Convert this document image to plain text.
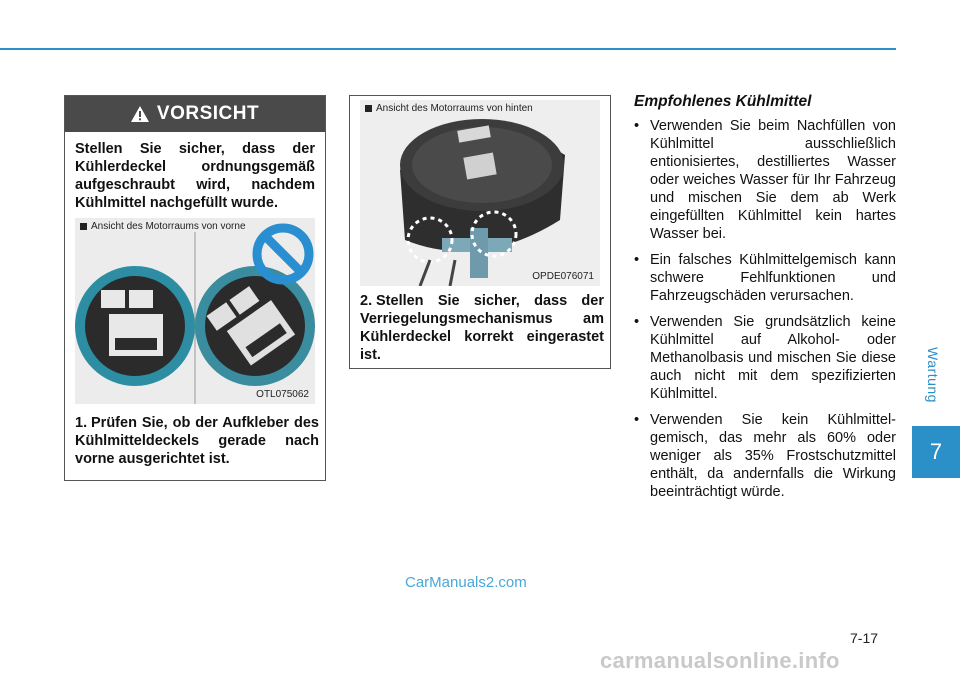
Wartung
7
VORSICHT
Stellen Sie sicher, dass der Kühlerdeckel ordnungsgemäß aufgeschraubt wird, nachdem Kühlmittel nachgefüllt wurde.
Ansicht des Motorraums von vorne
OTL075062
1. Prüfen Sie, ob der Aufkleber des Kühlmitteldeckels gerade nach vorne ausgerichtet ist.
Ansicht des Motorraums von hinten
OPDE076071
2. Stellen Sie sicher, dass der Verriegelungsmechanismus am Kühlerdeckel korrekt eingerastet ist.
Empfohlenes Kühlmittel
• Verwenden Sie beim Nachfüllen von Kühlmittel ausschließlich entionisiertes, destilliertes Wasser oder weiches Wasser für Ihr Fahrzeug und mischen Sie dem ab Werk eingefüllten Kühlmittel kein hartes Wasser bei.
• Ein falsches Kühlmittelgemisch kann schwere Fehlfunktionen und Fahrzeugschäden verursachen.
• Verwenden Sie grundsätzlich keine Kühlmittel auf Alkohol- oder Methanolbasis und mischen Sie diese auch nicht mit dem spezifizierten Kühlmittel.
• Verwenden Sie kein Kühlmittel-gemisch, das mehr als 60% oder weniger als 35% Frostschutzmittel enthält, da andernfalls die Wirkung beeinträchtigt würde.
CarManuals2.com
7-17
carmanualsonline.info
